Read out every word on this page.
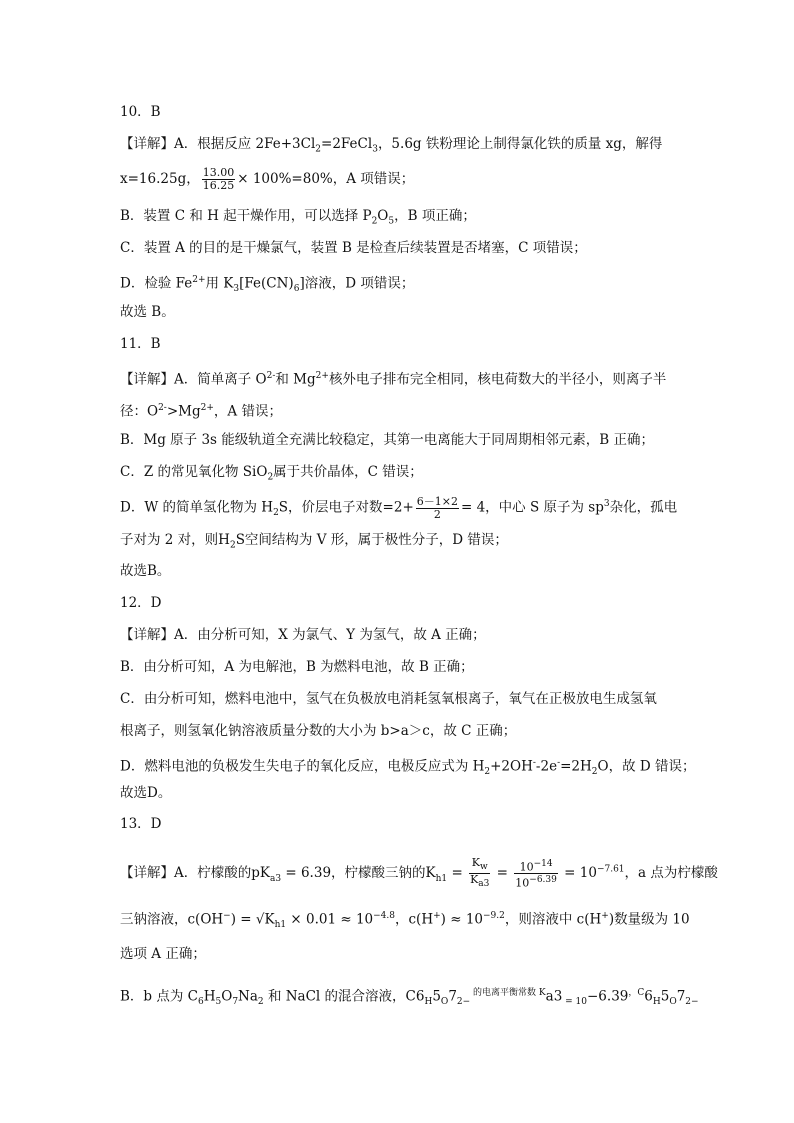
10．B
【详解】A．根据反应 $2Fe+3Cl_2=2FeCl_3$，5.6g 铁粉理论上制得氯化铁的质量 xg，解得
x=16.25g， $\frac{13.00}{16.25} \times 100\%=80\%$，A 项错误；
B．装置 C 和 H 起干燥作用，可以选择 $P_2O_5$，B 项正确；
C．装置 A 的目的是干燥氯气，装置 B 是检查后续装置是否堵塞，C 项错误；
D．检验 $Fe^{2+}$用 $K_3[Fe(CN)_6]$溶液，D 项错误；
故选 B。
11．B
【详解】A．简单离子 $O^{2-}$和 $Mg^{2+}$核外电子排布完全相同，核电荷数大的半径小，则离子半
径：$O^{2-}>Mg^{2+}$，A 错误；
B．Mg 原子 3s 能级轨道全充满比较稳定，其第一电离能大于同周期相邻元素，B 正确；
C．Z 的常见氧化物 SiO$_2$属于共价晶体，C 错误；
D．W 的简单氢化物为 $H_2S$，价层电子对数$=2+ \frac{6-1\times 2}{2} = 4$，中心 S 原子为 $sp^3$杂化，孤电
子对为 2 对，则$H_2S$空间结构为 V 形，属于极性分子，D 错误；
故选B。
12．D
【详解】A．由分析可知，X 为氯气、Y 为氢气，故 A 正确；
B．由分析可知，A 为电解池，B 为燃料电池，故 B 正确；
C．由分析可知，燃料电池中，氢气在负极放电消耗氢氧根离子，氧气在正极放电生成氢氧
根离子，则氢氧化钠溶液质量分数的大小为 b>a＞c，故 C 正确；
D．燃料电池的负极发生失电子的氧化反应，电极反应式为 $H_2+2OH^--2e^-=2H_2O$，故 D 错误；
故选D。
13．D
【详解】A．柠檬酸的$pK_{a3} = 6.39$，柠檬酸三钠的$K_{h1} = \frac{K_w}{K_{a3}} = \frac{10^{-14}}{10^{-6.39}} = 10^{-7.61}$，a 点为柠檬酸
三钠溶液，$c(OH^-) = √K_{h1} \times 0.01 \approx 10^{-4.8}$，$c(H^+) \approx 10^{-9.2}$，则溶液中 c(H+)数量级为 10
选项 A 正确；
B．b 点为 $C_6H_5O_7Na_2$ 和 NaCl 的混合溶液，$C6_H5_O7_{2-}$ $^{的电离平衡常数 K}$a3 $_{= 10}-6.39^{,C}6_H5_O7_{2-}$
